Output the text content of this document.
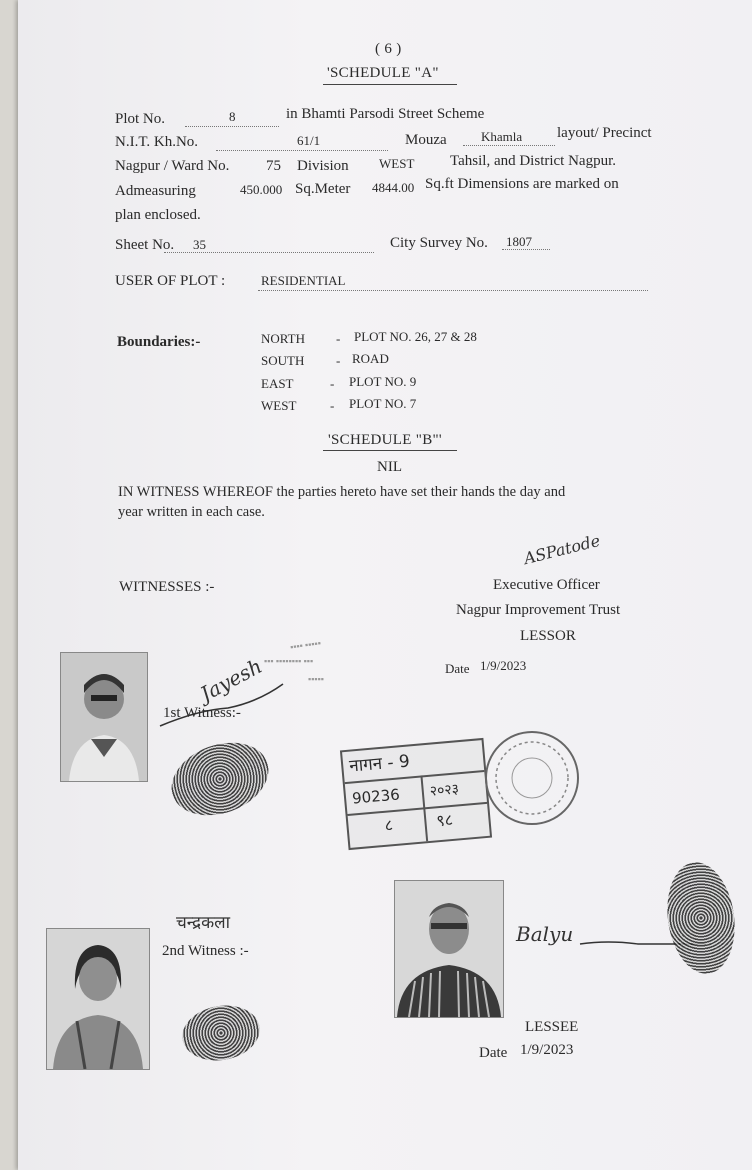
( 6 )
'SCHEDULE "A"
Plot No.	8	in Bhamti Parsodi Street Scheme
N.I.T. Kh.No.	61/1	Mouza	Khamla layout/ Precinct
Nagpur / Ward No. 75 Division WEST Tahsil, and District Nagpur.
Admeasuring	450.000 Sq.Meter 4844.00 Sq.ft Dimensions are marked on
plan enclosed.
Sheet No. 35	City Survey No. 1807
USER OF PLOT :	RESIDENTIAL
Boundaries:-	NORTH - PLOT NO. 26, 27 & 28
SOUTH - ROAD
EAST	- PLOT NO. 9
WEST	- PLOT NO. 7
'SCHEDULE "B"'
NIL
IN WITNESS WHEREOF the parties hereto have set their hands the day and
year written in each case.
WITNESSES :-
ASPatode
Executive Officer
Nagpur Improvement Trust
LESSOR
Date 1/9/2023
▪▪▪▪ ▪▪▪▪▪
▪▪▪ ▪▪▪▪▪▪▪▪ ▪▪▪
▪▪▪▪▪
Jayesh
1st Witness:-
नागन - 9
90236 २०२३
८	९८
चन्द्रकला
2nd Witness :-
Balyu
LESSEE
Date 1/9/2023
